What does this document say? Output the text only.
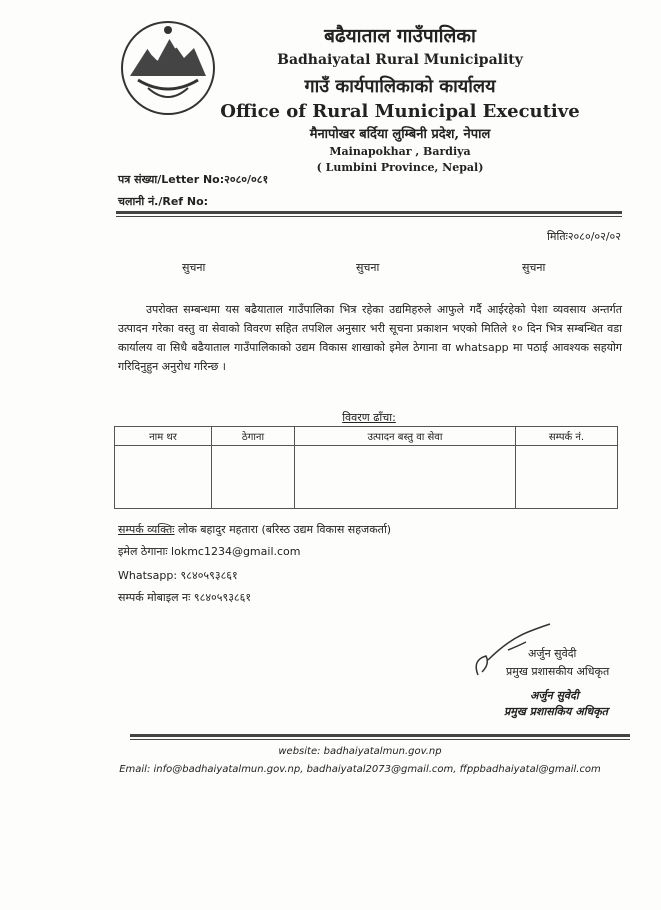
बढैयाताल गाउँपालिका
Badhaiyatal Rural Municipality
गाउँ कार्यपालिकाको कार्यालय
Office of Rural Municipal Executive
मैनापोखर बर्दिया लुम्बिनी प्रदेश, नेपाल
Mainapokhar , Bardiya
( Lumbini Province, Nepal)
पत्र संख्या/Letter No:२०८०/०८१
चलानी नं./Ref No:
मितिः२०८०/०२/०२
सुचना	सुचना	सुचना
उपरोक्त सम्बन्धमा यस बढैयाताल गाउँपालिका भित्र रहेका उद्यमिहरुले आफुले गर्दै आईरहेको पेशा व्यवसाय अन्तर्गत उत्पादन गरेका वस्तु वा सेवाको विवरण सहित तपशिल अनुसार भरी सूचना प्रकाशन भएको मितिले १० दिन भित्र सम्बन्धित वडा कार्यालय वा सिधै बढैयाताल गाउँपालिकाको उद्यम विकास शाखाको इमेल ठेगाना वा whatsapp मा पठाई आवश्यक सहयोग गरिदिनुहुन अनुरोध गरिन्छ ।
विवरण ढाँचा:
नाम थर	ठेगाना	उत्पादन बस्तु वा सेवा	सम्पर्क नं.

सम्पर्क व्यक्तिः लोक बहादुर महतारा (बरिस्ठ उद्यम विकास सहजकर्ता)
इमेल ठेगानाः lokmc1234@gmail.com
Whatsapp: ९८४०५९३८६१
सम्पर्क मोबाइल नः ९८४०५९३८६१
अर्जुन सुवेदी
प्रमुख प्रशासकीय अधिकृत
अर्जुन सुवेदी
प्रमुख प्रशासकिय अधिकृत
website: badhaiyatalmun.gov.np
Email: info@badhaiyatalmun.gov.np, badhaiyatal2073@gmail.com, ffppbadhaiyatal@gmail.com
